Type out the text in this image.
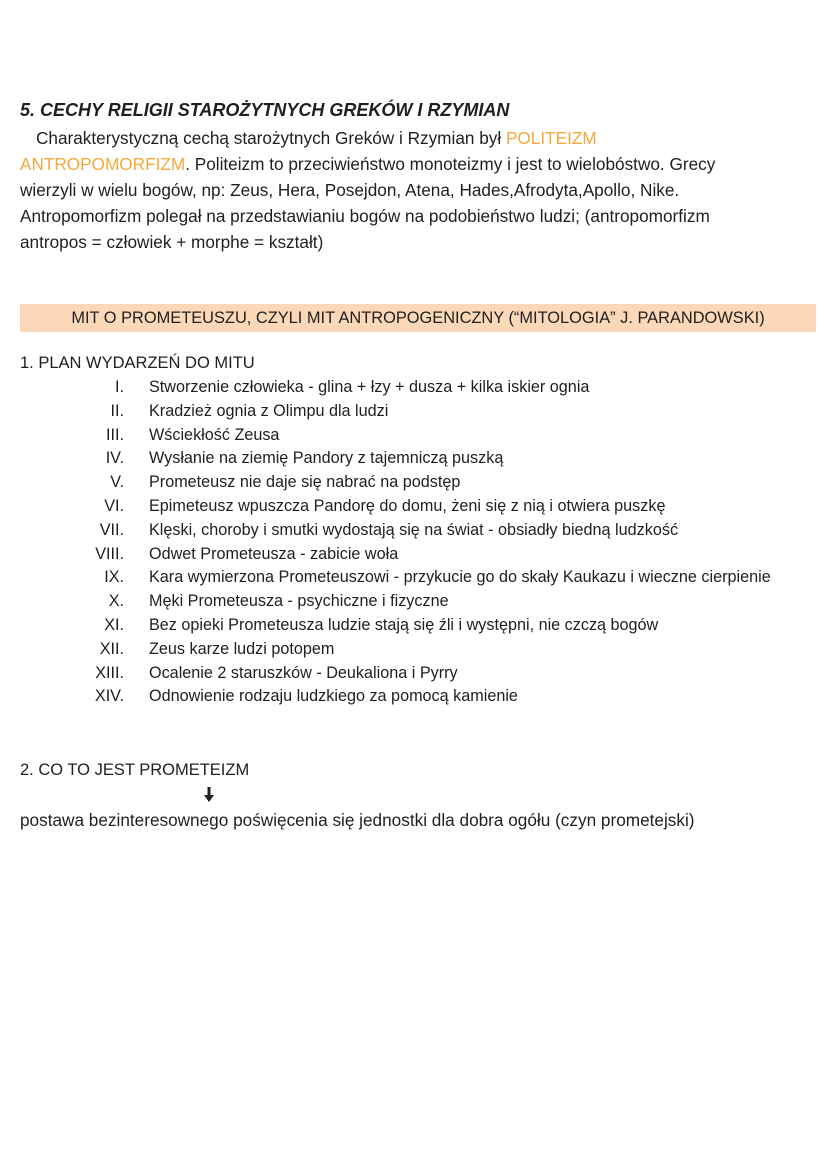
5. CECHY RELIGII STAROŻYTNYCH GREKÓW I RZYMIAN

Charakterystyczną cechą starożytnych Greków i Rzymian był POLITEIZM

ANTROPOMORFIZM. Politeizm to przeciwieństwo monoteizmy i jest to wielobóstwo. Grecy

wierzyli w wielu bogów, np: Zeus, Hera, Posejdon, Atena, Hades,Afrodyta,Apollo, Nike.

Antropomorfizm polegał na przedstawianiu bogów na podobieństwo ludzi; (antropomorfizm

antropos = człowiek + morphe = kształt)

MIT O PROMETEUSZU, CZYLI MIT ANTROPOGENICZNY (“MITOLOGIA” J. PARANDOWSKI)
1. PLAN WYDARZEŃ DO MITU
I. Stworzenie człowieka - glina + łzy + dusza + kilka iskier ognia
II. Kradzież ognia z Olimpu dla ludzi
III. Wściekłość Zeusa
IV. Wysłanie na ziemię Pandory z tajemniczą puszką
V. Prometeusz nie daje się nabrać na podstęp
VI. Epimeteusz wpuszcza Pandorę do domu, żeni się z nią i otwiera puszkę
VII. Klęski, choroby i smutki wydostają się na świat - obsiadły biedną ludzkość
VIII. Odwet Prometeusza - zabicie woła
IX. Kara wymierzona Prometeuszowi - przykucie go do skały Kaukazu i wieczne cierpienie
X. Męki Prometeusza - psychiczne i fizyczne
XI. Bez opieki Prometeusza ludzie stają się źli i występni, nie czczą bogów
XII. Zeus karze ludzi potopem
XIII. Ocalenie 2 staruszków - Deukaliona i Pyrry
XIV. Odnowienie rodzaju ludzkiego za pomocą kamienie
2. CO TO JEST PROMETEIZM

postawa bezinteresownego poświęcenia się jednostki dla dobra ogółu (czyn prometejski)
